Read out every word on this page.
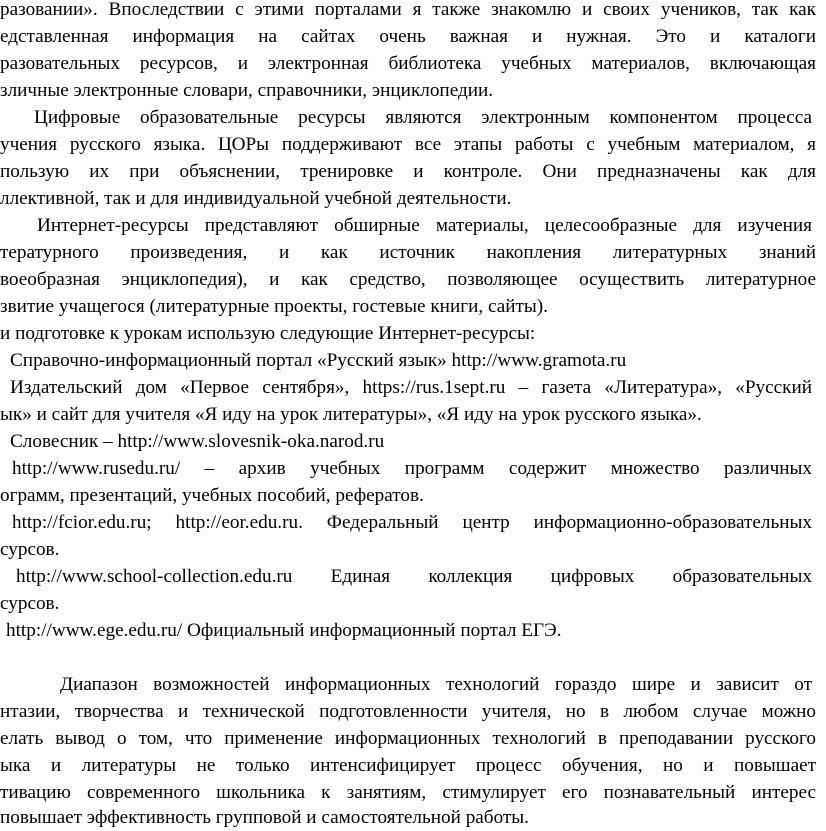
разовании». Впоследствии с этими порталами я также знакомлю и своих учеников, так как
едставленная информация на сайтах очень важная и нужная. Это и каталоги
разовательных ресурсов, и электронная библиотека учебных материалов, включающая
зличные электронные словари, справочники, энциклопедии.
Цифровые образовательные ресурсы являются электронным компонентом процесса
учения русского языка. ЦОРы поддерживают все этапы работы с учебным материалом, я
пользую их при объяснении, тренировке и контроле. Они предназначены как для
ллективной, так и для индивидуальной учебной деятельности.
Интернет-ресурсы представляют обширные материалы, целесообразные для изучения
тературного произведения, и как источник накопления литературных знаний
воеобразная энциклопедия), и как средство, позволяющее осуществить литературное
звитие учащегося (литературные проекты, гостевые книги, сайты).
и подготовке к урокам использую следующие Интернет-ресурсы:
Справочно-информационный портал «Русский язык» http://www.gramota.ru
Издательский дом «Первое сентября», https://rus.1sept.ru – газета «Литература», «Русский
ык» и сайт для учителя «Я иду на урок литературы», «Я иду на урок русского языка».
Словесник – http://www.slovesnik-oka.narod.ru
http://www.rusedu.ru/ – архив учебных программ содержит множество различных
ограмм, презентаций, учебных пособий, рефератов.
http://fcior.edu.ru; http://eor.edu.ru. Федеральный центр информационно-образовательных
сурсов.
http://www.school-collection.edu.ru Единая коллекция цифровых образовательных
сурсов.
http://www.ege.edu.ru/ Официальный информационный портал ЕГЭ.
Диапазон возможностей информационных технологий гораздо шире и зависит от
нтазии, творчества и технической подготовленности учителя, но в любом случае можно
елать вывод о том, что применение информационных технологий в преподавании русского
ыка и литературы не только интенсифицирует процесс обучения, но и повышает
тивацию современного школьника к занятиям, стимулирует его познавательный интерес
повышает эффективность групповой и самостоятельной работы.
